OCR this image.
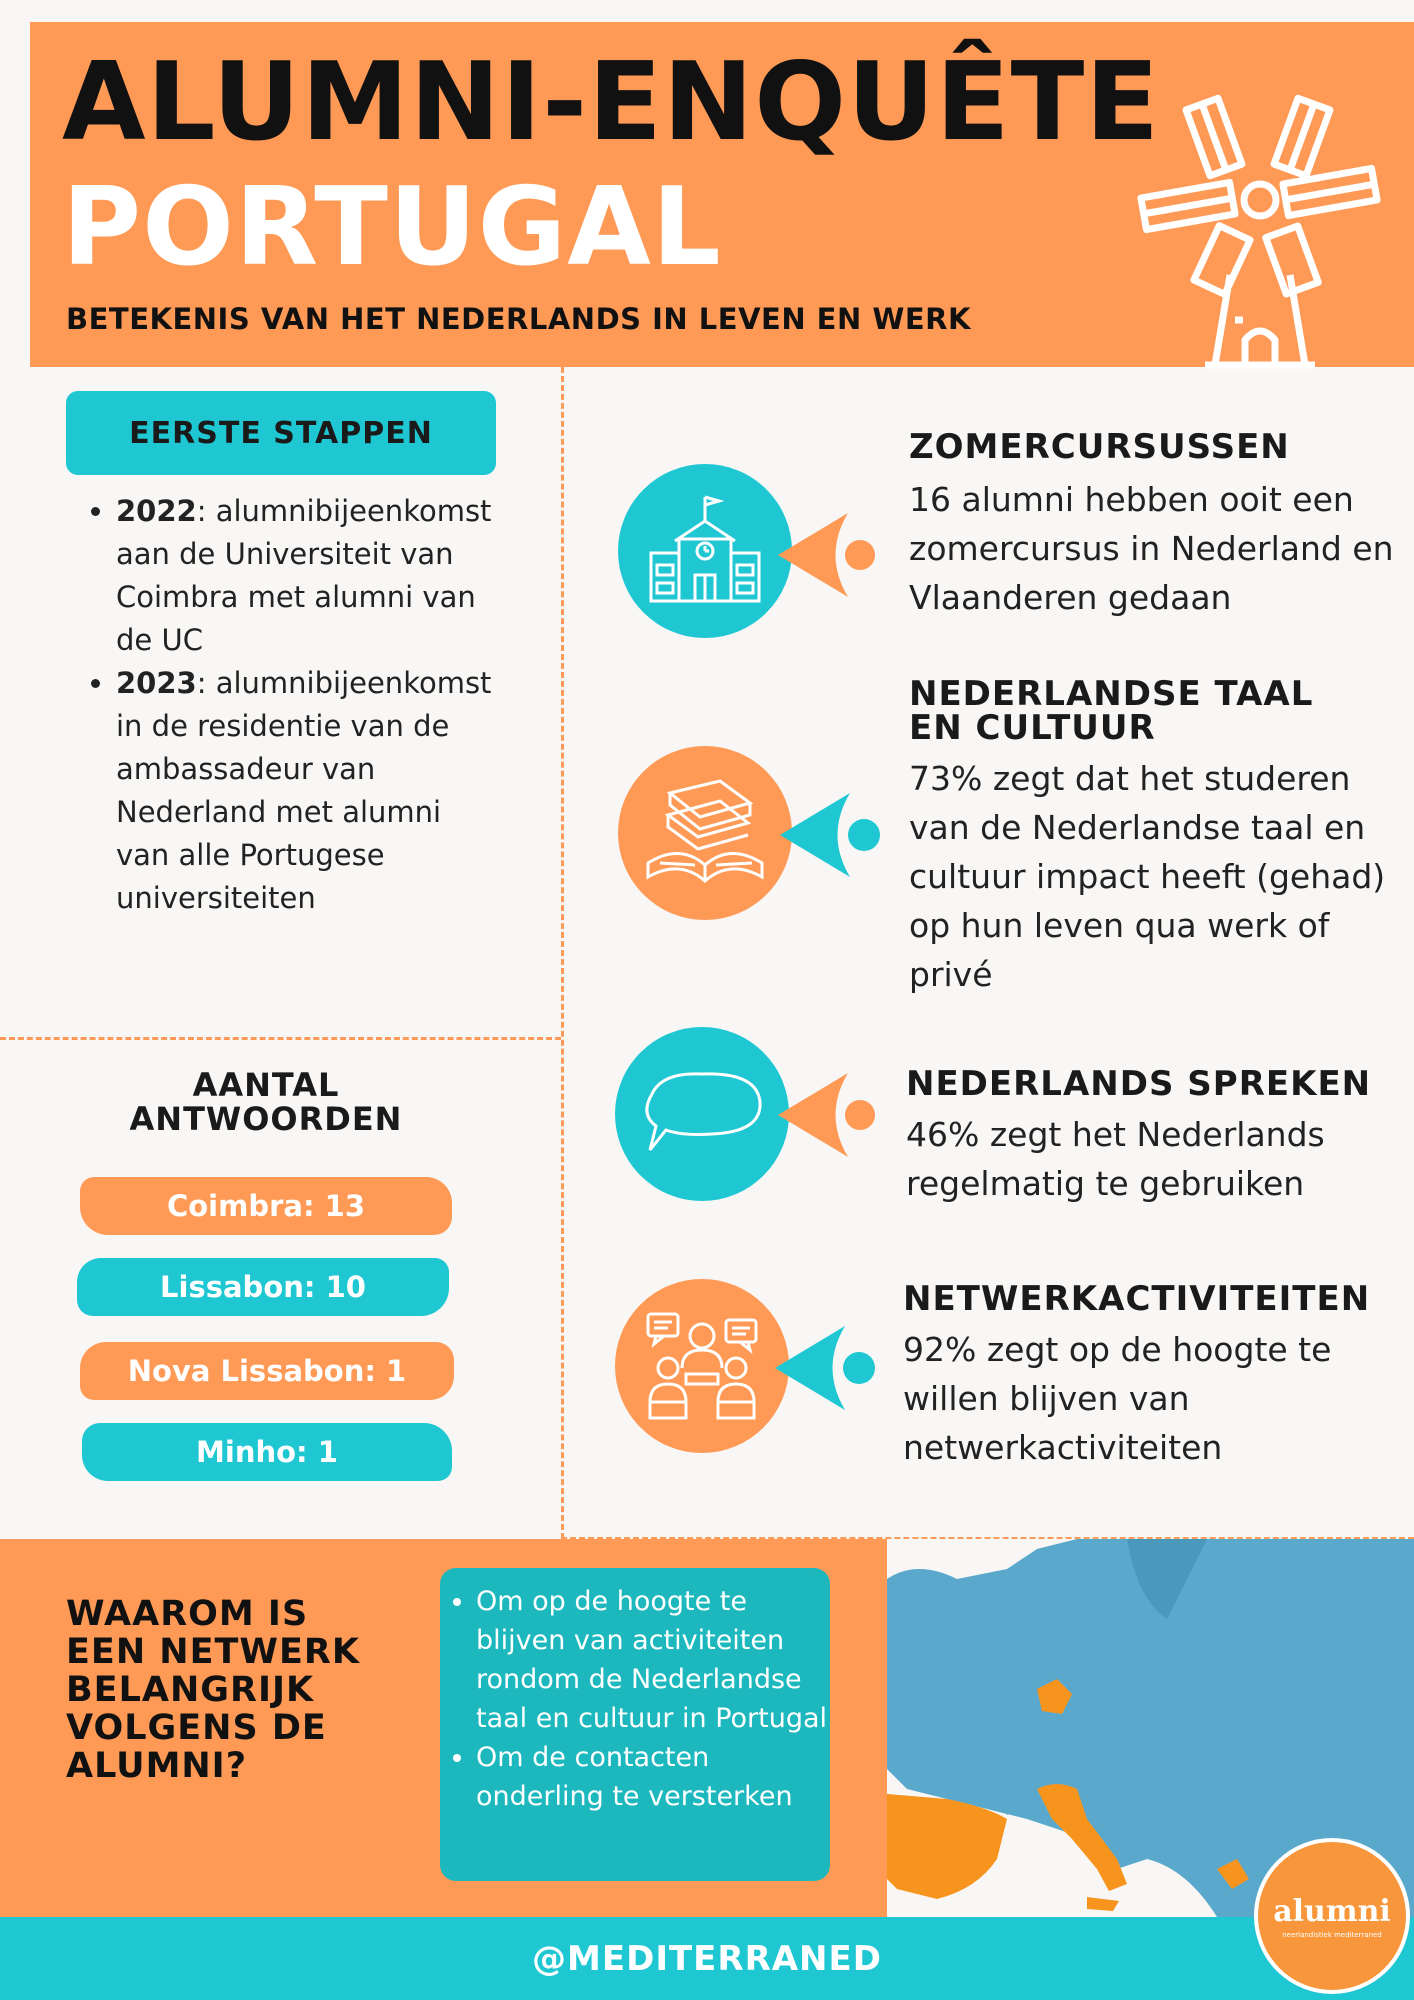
ALUMNI-ENQUÊTE
PORTUGAL
BETEKENIS VAN HET NEDERLANDS IN LEVEN EN WERK
EERSTE STAPPEN
• 2022: alumnibijeenkomst aan de Universiteit van Coimbra met alumni van de UC
• 2023: alumnibijeenkomst in de residentie van de ambassadeur van Nederland met alumni van alle Portugese universiteiten
AANTAL ANTWOORDEN
Coimbra: 13
Lissabon: 10
Nova Lissabon: 1
Minho: 1
ZOMERCURSUSSEN
16 alumni hebben ooit een zomercursus in Nederland en Vlaanderen gedaan
NEDERLANDSE TAAL EN CULTUUR
73% zegt dat het studeren van de Nederlandse taal en cultuur impact heeft (gehad) op hun leven qua werk of privé
NEDERLANDS SPREKEN
46% zegt het Nederlands regelmatig te gebruiken
NETWERKACTIVITEITEN
92% zegt op de hoogte te willen blijven van netwerkactiviteiten
WAAROM IS EEN NETWERK BELANGRIJK VOLGENS DE ALUMNI?
• Om op de hoogte te blijven van activiteiten rondom de Nederlandse taal en cultuur in Portugal
• Om de contacten onderling te versterken
@MEDITERRANED
alumni
neerlandistiek mediterraned
